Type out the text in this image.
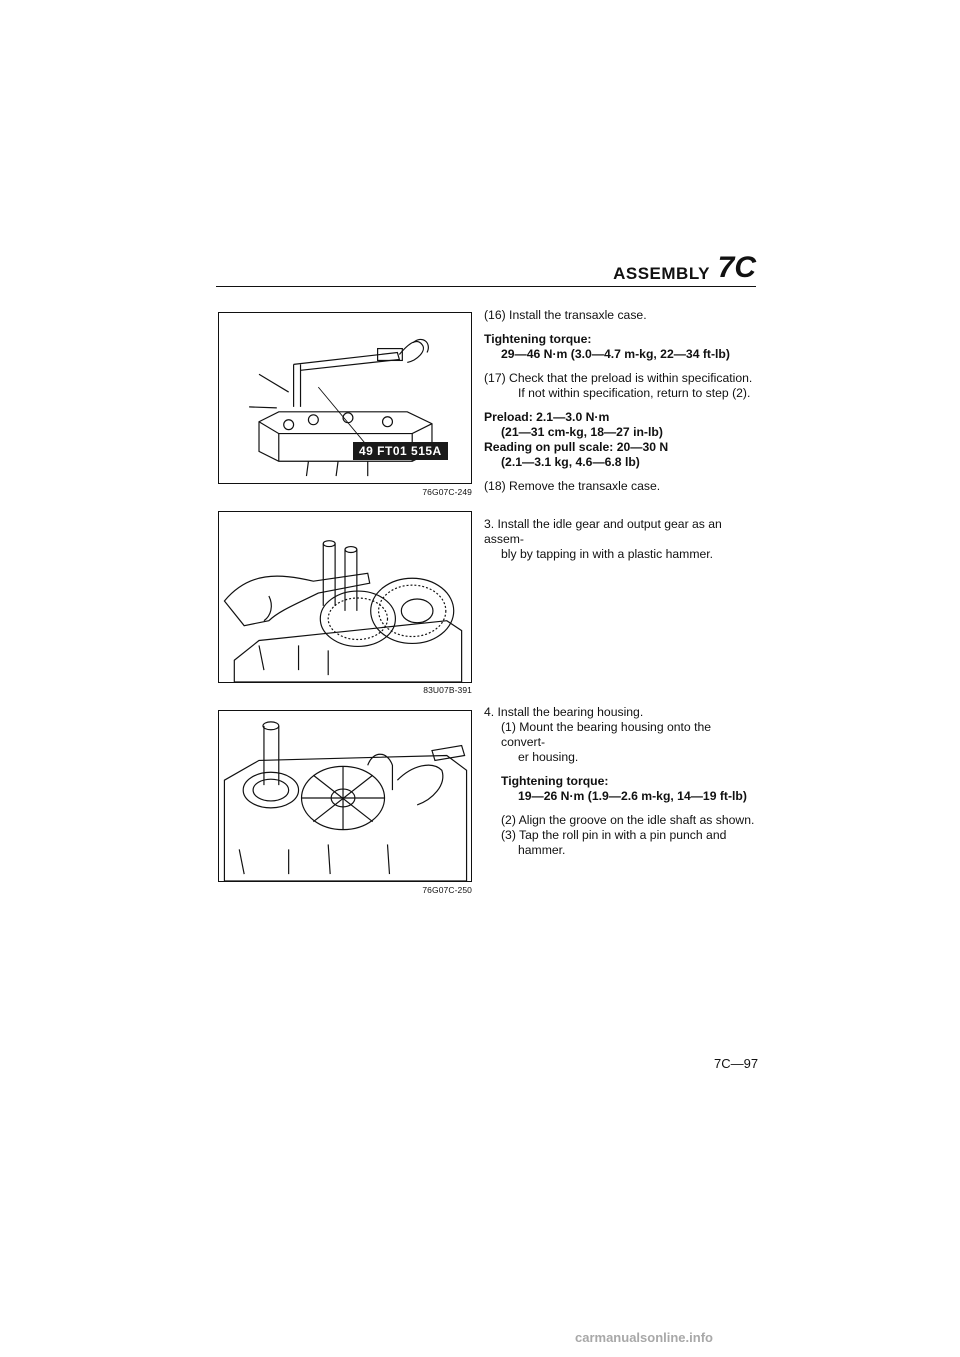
ASSEMBLY 7C
49 FT01 515A
76G07C-249
83U07B-391
76G07C-250

(16) Install the transaxle case.

Tightening torque:

29—46 N·m (3.0—4.7 m-kg, 22—34 ft-lb)

(17) Check that the preload is within specification.

If not within specification, return to step (2).

Preload: 2.1—3.0 N·m

(21—31 cm-kg, 18—27 in-lb)

Reading on pull scale: 20—30 N

(2.1—3.1 kg, 4.6—6.8 lb)

(18) Remove the transaxle case.

3. Install the idle gear and output gear as an assem-

bly by tapping in with a plastic hammer.

4. Install the bearing housing.

(1) Mount the bearing housing onto the convert-

er housing.

Tightening torque:

19—26 N·m (1.9—2.6 m-kg, 14—19 ft-lb)

(2) Align the groove on the idle shaft as shown.

(3) Tap the roll pin in with a pin punch and

hammer.

7C—97
carmanualsonline.info
